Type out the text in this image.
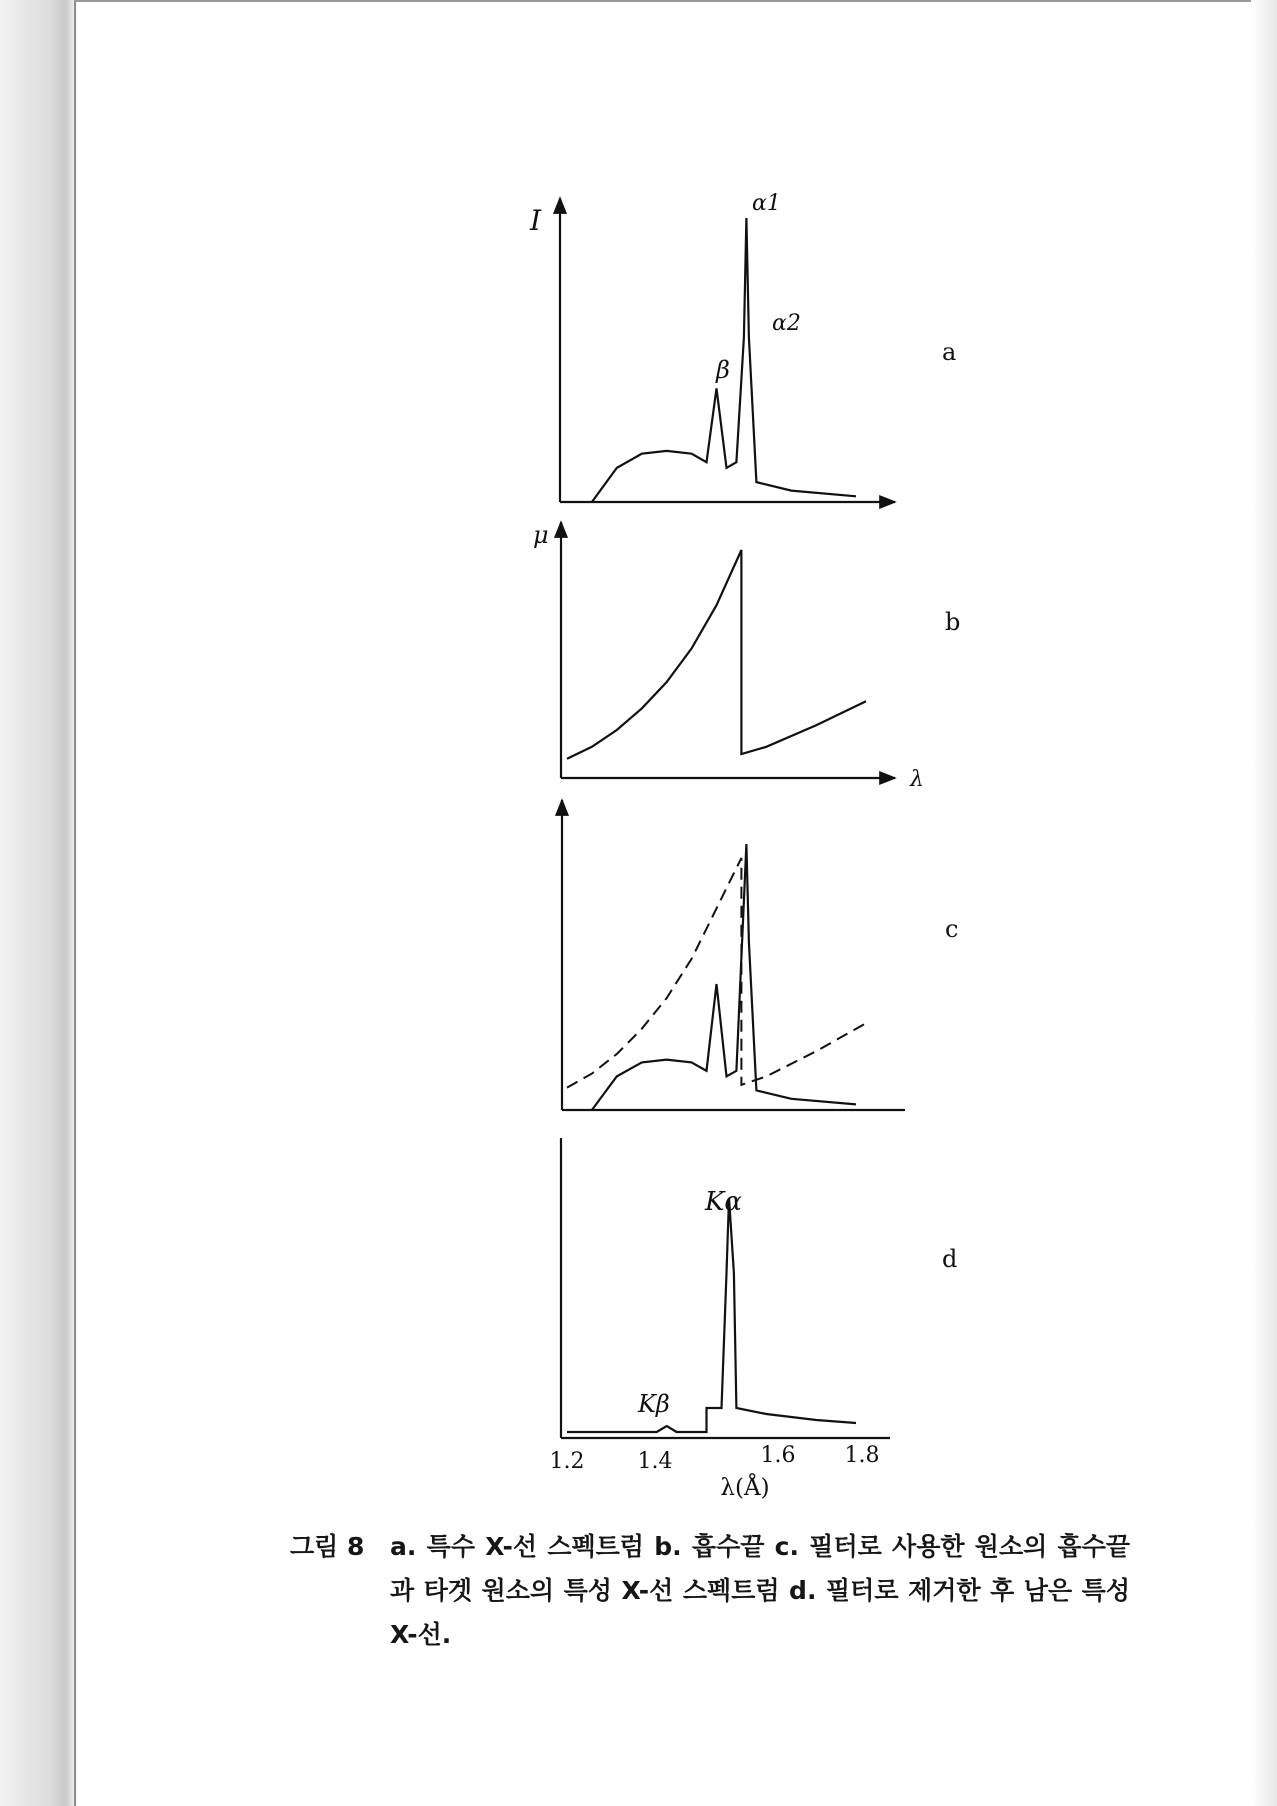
I
a
α1
α2
β
μ
λ
b
c
Kα
Kβ
d
1.2 1.4	1.6 1.8
λ(Å)
그림 8	a. 특수 X-선 스펙트럼 b. 흡수끝 c. 필터로 사용한 원소의 흡수끝과 타겟 원소의 특성 X-선 스펙트럼 d. 필터로 제거한 후 남은 특성 X-선.
